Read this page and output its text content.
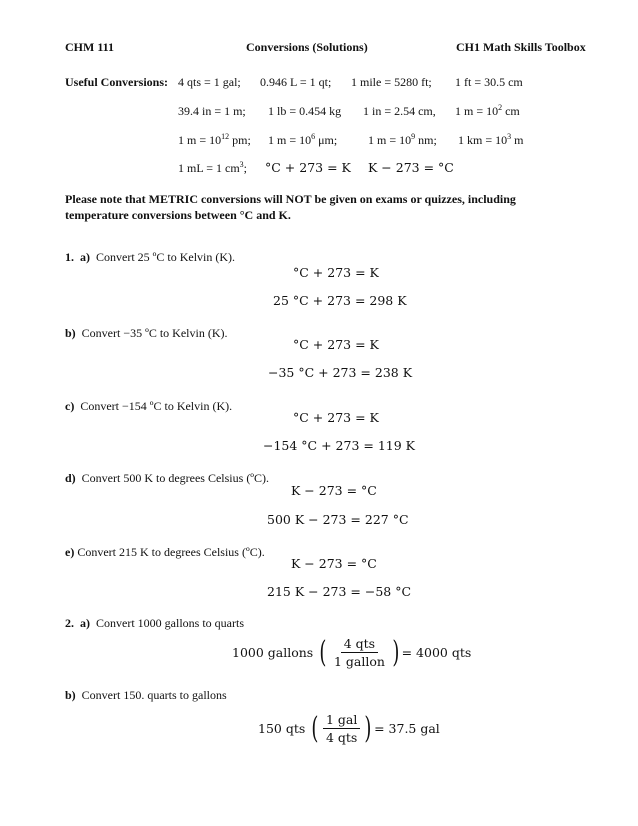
CHM 111	Conversions (Solutions)	CH1 Math Skills Toolbox
Useful Conversions: 4 qts = 1 gal; 0.946 L = 1 qt; 1 mile = 5280 ft; 1 ft = 30.5 cm
39.4 in = 1 m; 1 lb = 0.454 kg 1 in = 2.54 cm, 1 $m = 10^2$ cm
1 $m = 10^{12}$ pm; 1 $m = 10^6$ μm;	1 $m = 10^9$ nm; 1 km = $10^3$ m
1 mL = 1 $cm^3$; °C + 273 = K K − 273 = °C
Please note that METRIC conversions will NOT be given on exams or quizzes, including
temperature conversions between °C and K.
1. a) Convert 25 ºC to Kelvin (K).
°C + 273 = K
25 °C + 273 = 298 K
b) Convert −35 ºC to Kelvin (K).
°C + 273 = K
−35 °C + 273 = 238 K
c) Convert −154 ºC to Kelvin (K).
°C + 273 = K
−154 °C + 273 = 119 K
d) Convert 500 K to degrees Celsius (ºC).
K − 273 = °C
500 K − 273 = 227 °C
e) Convert 215 K to degrees Celsius (ºC).
K − 273 = °C
215 K − 273 = −58 °C
2. a) Convert 1000 gallons to quarts
1000 gallons
( $\frac{\text{4 qts}}{\text{1 gallon}}$ ) = 4000 qts
b) Convert 150. quarts to gallons
150 qts
( $\frac{\text{1 gal}}{\text{4 qts}}$ ) = 37.5 gal
